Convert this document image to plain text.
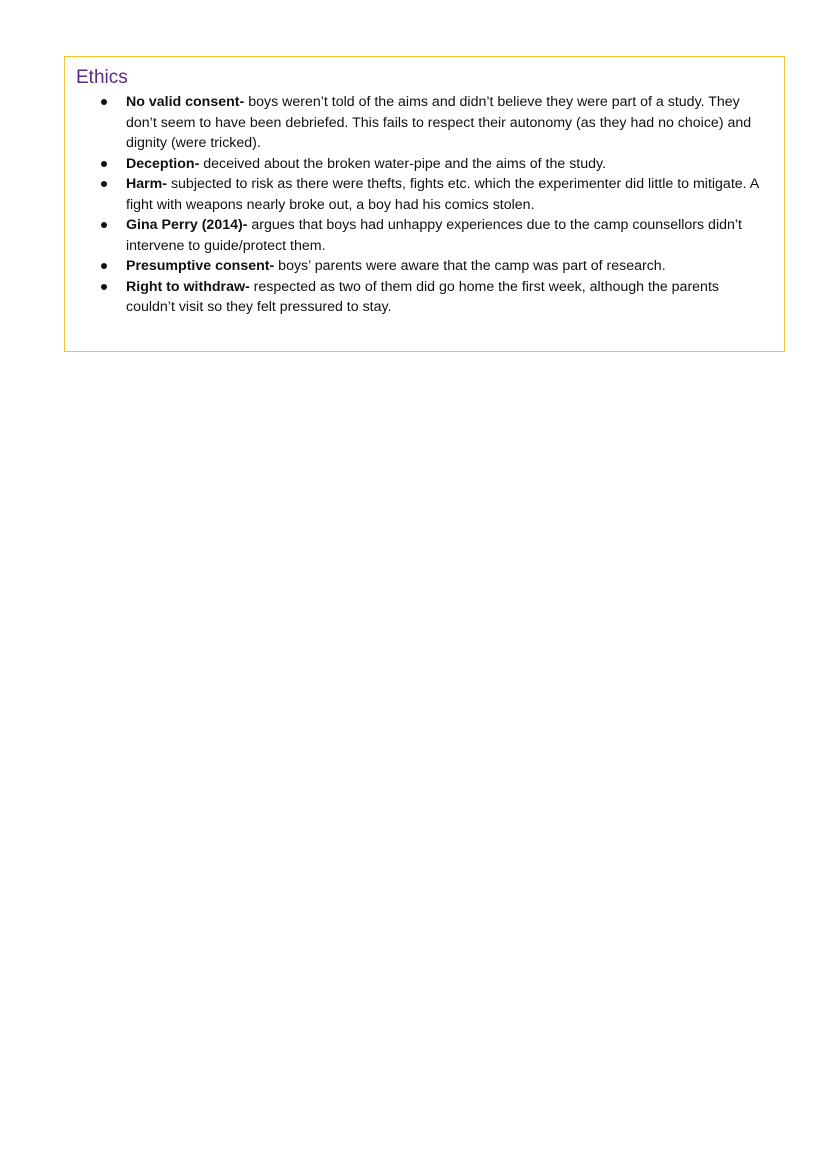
Ethics
No valid consent- boys weren’t told of the aims and didn’t believe they were part of a study. They don’t seem to have been debriefed. This fails to respect their autonomy (as they had no choice) and dignity (were tricked).
Deception- deceived about the broken water-pipe and the aims of the study.
Harm- subjected to risk as there were thefts, fights etc. which the experimenter did little to mitigate. A fight with weapons nearly broke out, a boy had his comics stolen.
Gina Perry (2014)- argues that boys had unhappy experiences due to the camp counsellors didn’t intervene to guide/protect them.
Presumptive consent- boys’ parents were aware that the camp was part of research.
Right to withdraw- respected as two of them did go home the first week, although the parents couldn’t visit so they felt pressured to stay.
